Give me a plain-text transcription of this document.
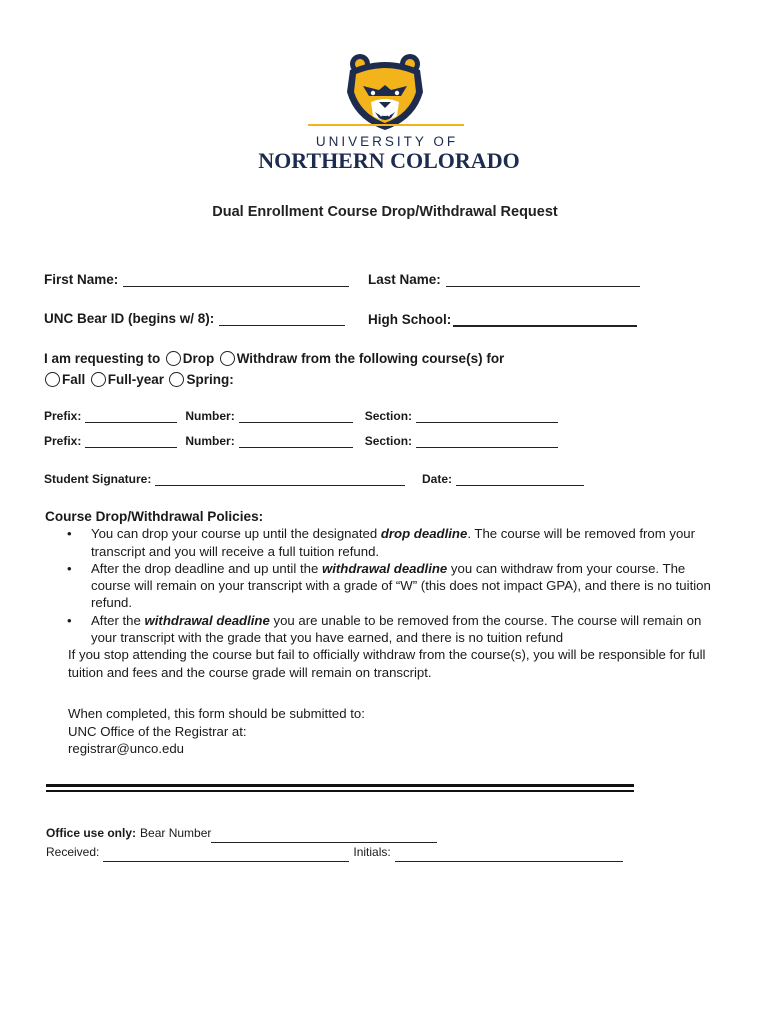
UNIVERSITY OF
NORTHERN COLORADO
Dual Enrollment Course Drop/Withdrawal Request
First Name:	Last Name:
UNC Bear ID (begins w/ 8):	High School:
I am requesting to Drop Withdraw from the following course(s) for
Fall Full-year Spring:
Prefix:	Number:	Section:
Prefix:	Number:	Section:
Student Signature:	Date:
Course Drop/Withdrawal Policies:
• You can drop your course up until the designated drop deadline. The course will be removed from your transcript and you will receive a full tuition refund.
• After the drop deadline and up until the withdrawal deadline you can withdraw from your course. The course will remain on your transcript with a grade of “W” (this does not impact GPA), and there is no tuition refund.
• After the withdrawal deadline you are unable to be removed from the course. The course will remain on your transcript with the grade that you have earned, and there is no tuition refund
If you stop attending the course but fail to officially withdraw from the course(s), you will be responsible for full tuition and fees and the course grade will remain on transcript.
When completed, this form should be submitted to:
UNC Office of the Registrar at:
registrar@unco.edu
Office use only: Bear Number
Received:	Initials:
